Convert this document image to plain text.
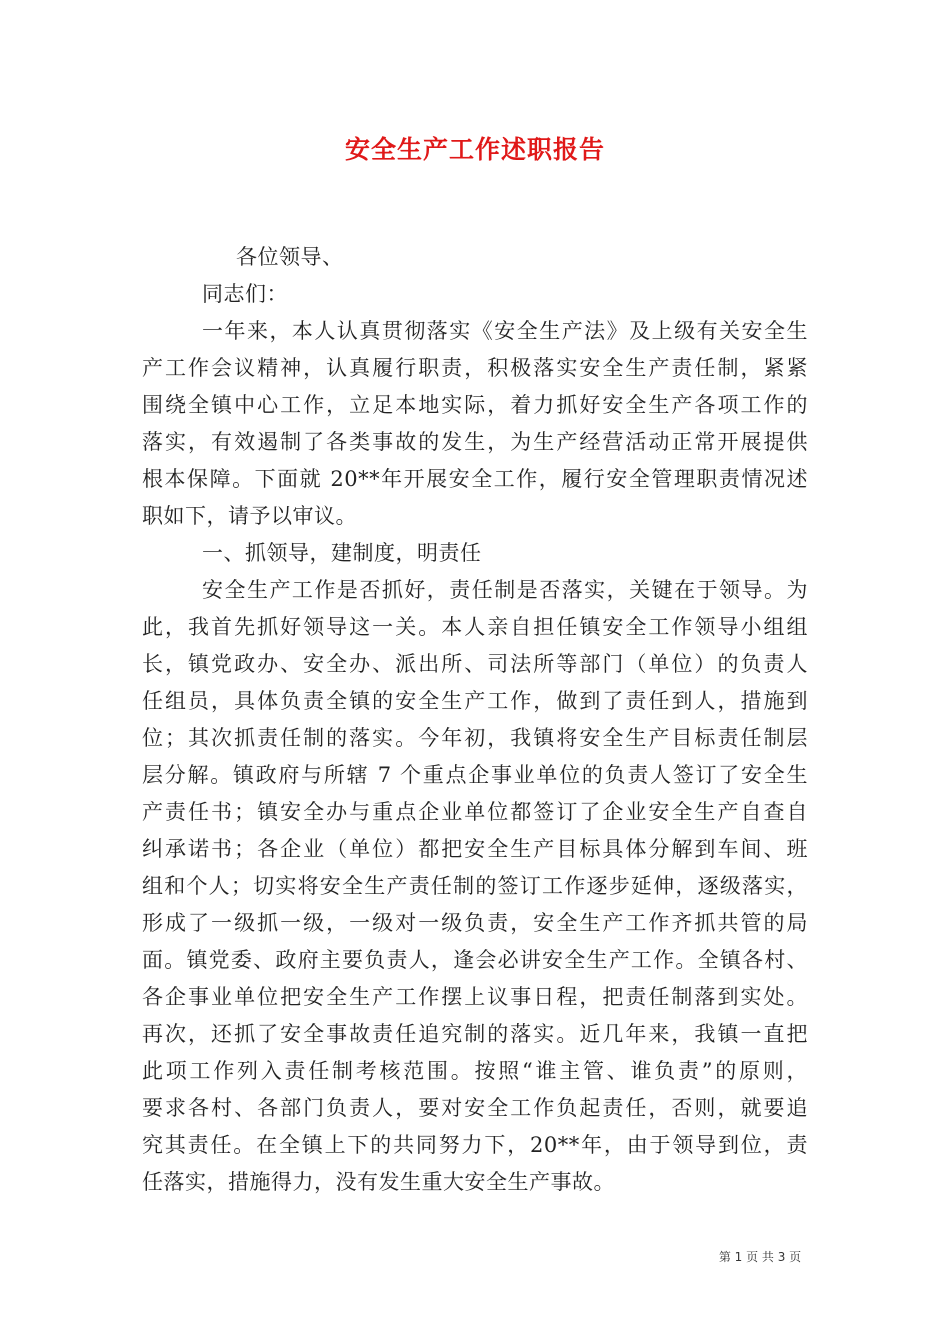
安全生产工作述职报告
各位领导、
同志们：
一年来，本人认真贯彻落实《安全生产法》及上级有关安全生
产工作会议精神，认真履行职责，积极落实安全生产责任制，紧紧
围绕全镇中心工作，立足本地实际，着力抓好安全生产各项工作的
落实，有效遏制了各类事故的发生，为生产经营活动正常开展提供
根本保障。下面就 20**年开展安全工作，履行安全管理职责情况述
职如下，请予以审议。
一、抓领导，建制度，明责任
安全生产工作是否抓好，责任制是否落实，关键在于领导。为
此，我首先抓好领导这一关。本人亲自担任镇安全工作领导小组组
长，镇党政办、安全办、派出所、司法所等部门（单位）的负责人
任组员，具体负责全镇的安全生产工作，做到了责任到人，措施到
位；其次抓责任制的落实。今年初，我镇将安全生产目标责任制层
层分解。镇政府与所辖 7 个重点企事业单位的负责人签订了安全生
产责任书；镇安全办与重点企业单位都签订了企业安全生产自查自
纠承诺书；各企业（单位）都把安全生产目标具体分解到车间、班
组和个人；切实将安全生产责任制的签订工作逐步延伸，逐级落实，
形成了一级抓一级，一级对一级负责，安全生产工作齐抓共管的局
面。镇党委、政府主要负责人，逢会必讲安全生产工作。全镇各村、
各企事业单位把安全生产工作摆上议事日程，把责任制落到实处。
再次，还抓了安全事故责任追究制的落实。近几年来，我镇一直把
此项工作列入责任制考核范围。按照“谁主管、谁负责”的原则，
要求各村、各部门负责人，要对安全工作负起责任，否则，就要追
究其责任。在全镇上下的共同努力下，20**年，由于领导到位，责
任落实，措施得力，没有发生重大安全生产事故。
第 1 页 共 3 页
